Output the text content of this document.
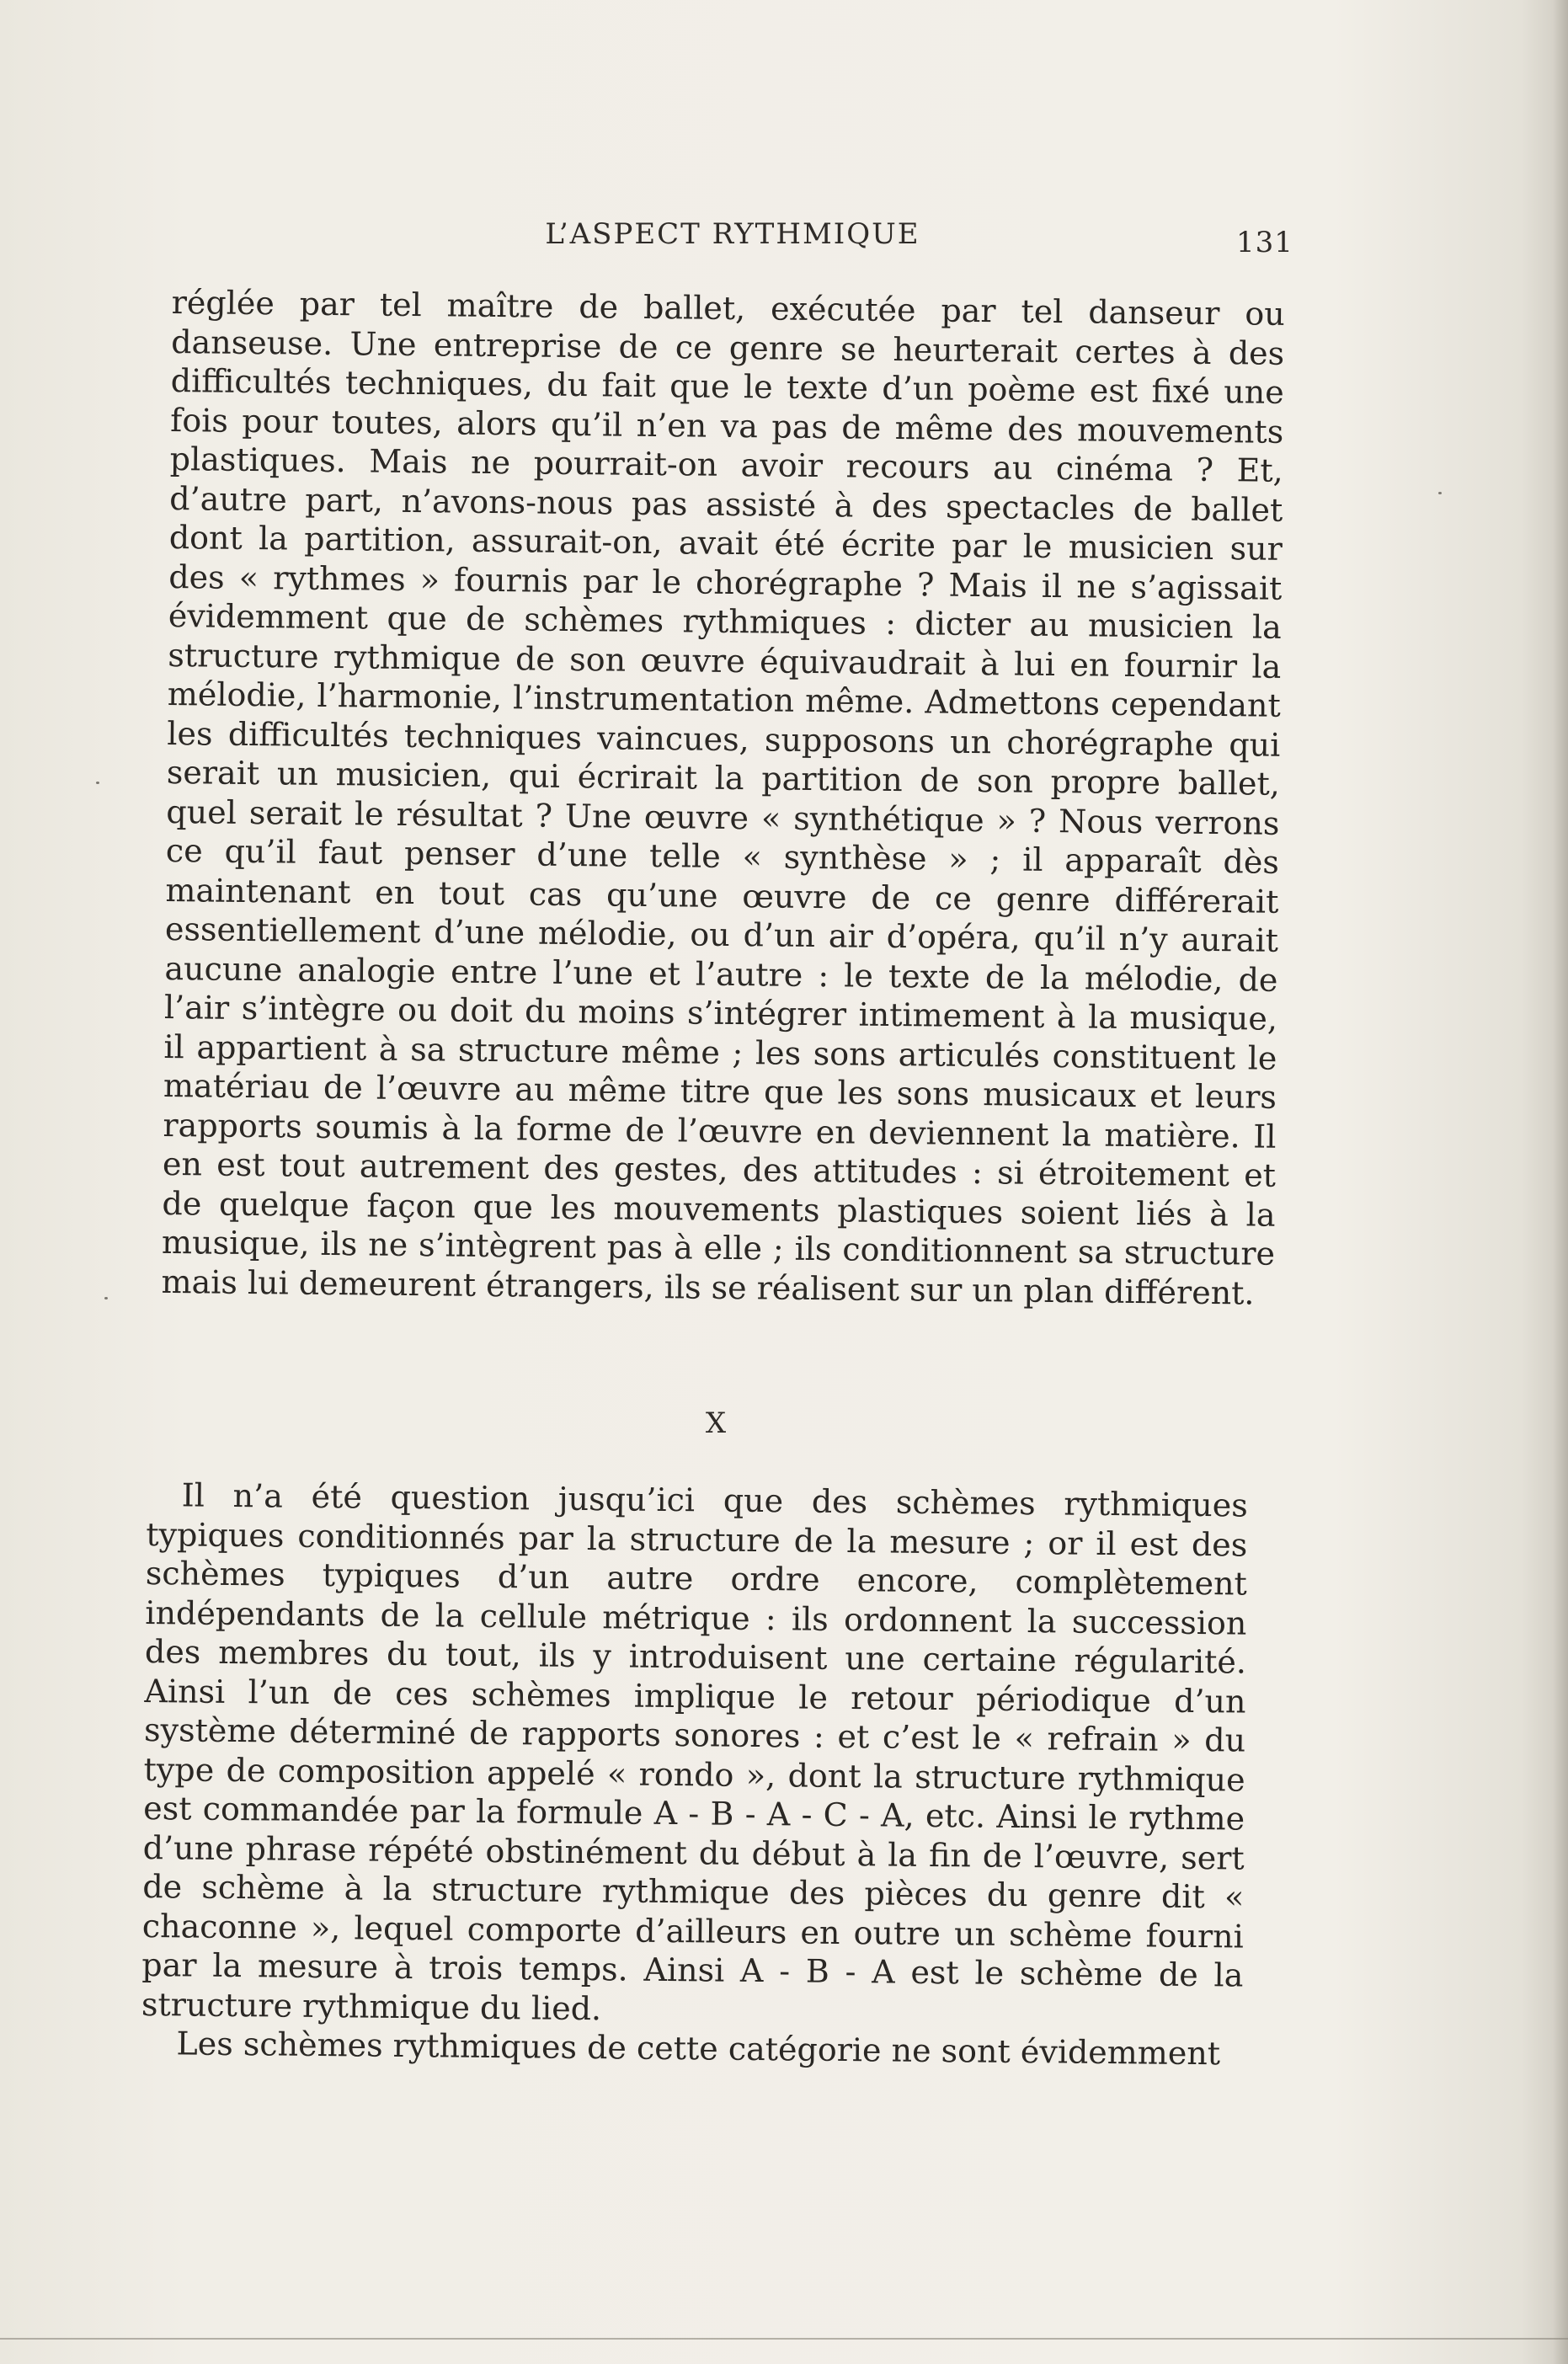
L’ASPECT RYTHMIQUE	131

réglée par tel maître de ballet, exécutée par tel danseur ou danseuse. Une entreprise de ce genre se heurterait certes à des difficultés techniques, du fait que le texte d’un poème est fixé une fois pour toutes, alors qu’il n’en va pas de même des mouvements plastiques. Mais ne pourrait-on avoir recours au cinéma ? Et, d’autre part, n’avons-nous pas assisté à des spectacles de ballet dont la partition, assurait-on, avait été écrite par le musicien sur des « rythmes » fournis par le chorégraphe ? Mais il ne s’agissait évidemment que de schèmes rythmiques : dicter au musicien la structure rythmique de son œuvre équivaudrait à lui en fournir la mélodie, l’harmonie, l’instrumentation même. Admettons cependant les difficultés techniques vaincues, supposons un chorégraphe qui serait un musicien, qui écrirait la partition de son propre ballet, quel serait le résultat ? Une œuvre « synthétique » ? Nous verrons ce qu’il faut penser d’une telle « synthèse » ; il apparaît dès maintenant en tout cas qu’une œuvre de ce genre différerait essentiellement d’une mélodie, ou d’un air d’opéra, qu’il n’y aurait aucune analogie entre l’une et l’autre : le texte de la mélodie, de l’air s’intègre ou doit du moins s’intégrer intimement à la musique, il appartient à sa structure même ; les sons articulés constituent le matériau de l’œuvre au même titre que les sons musicaux et leurs rapports soumis à la forme de l’œuvre en deviennent la matière. Il en est tout autrement des gestes, des attitudes : si étroitement et de quelque façon que les mouvements plastiques soient liés à la musique, ils ne s’intègrent pas à elle ; ils conditionnent sa structure mais lui demeurent étrangers, ils se réalisent sur un plan différent.

X

Il n’a été question jusqu’ici que des schèmes rythmiques typiques conditionnés par la structure de la mesure ; or il est des schèmes typiques d’un autre ordre encore, complètement indépendants de la cellule métrique : ils ordonnent la succession des membres du tout, ils y introduisent une certaine régularité. Ainsi l’un de ces schèmes implique le retour périodique d’un système déterminé de rapports sonores : et c’est le « refrain » du type de composition appelé « rondo », dont la structure rythmique est commandée par la formule A - B - A - C - A, etc. Ainsi le rythme d’une phrase répété obstinément du début à la fin de l’œuvre, sert de schème à la structure rythmique des pièces du genre dit « chaconne », lequel comporte d’ailleurs en outre un schème fourni par la mesure à trois temps. Ainsi A - B - A est le schème de la structure rythmique du lied.

Les schèmes rythmiques de cette catégorie ne sont évidemment
